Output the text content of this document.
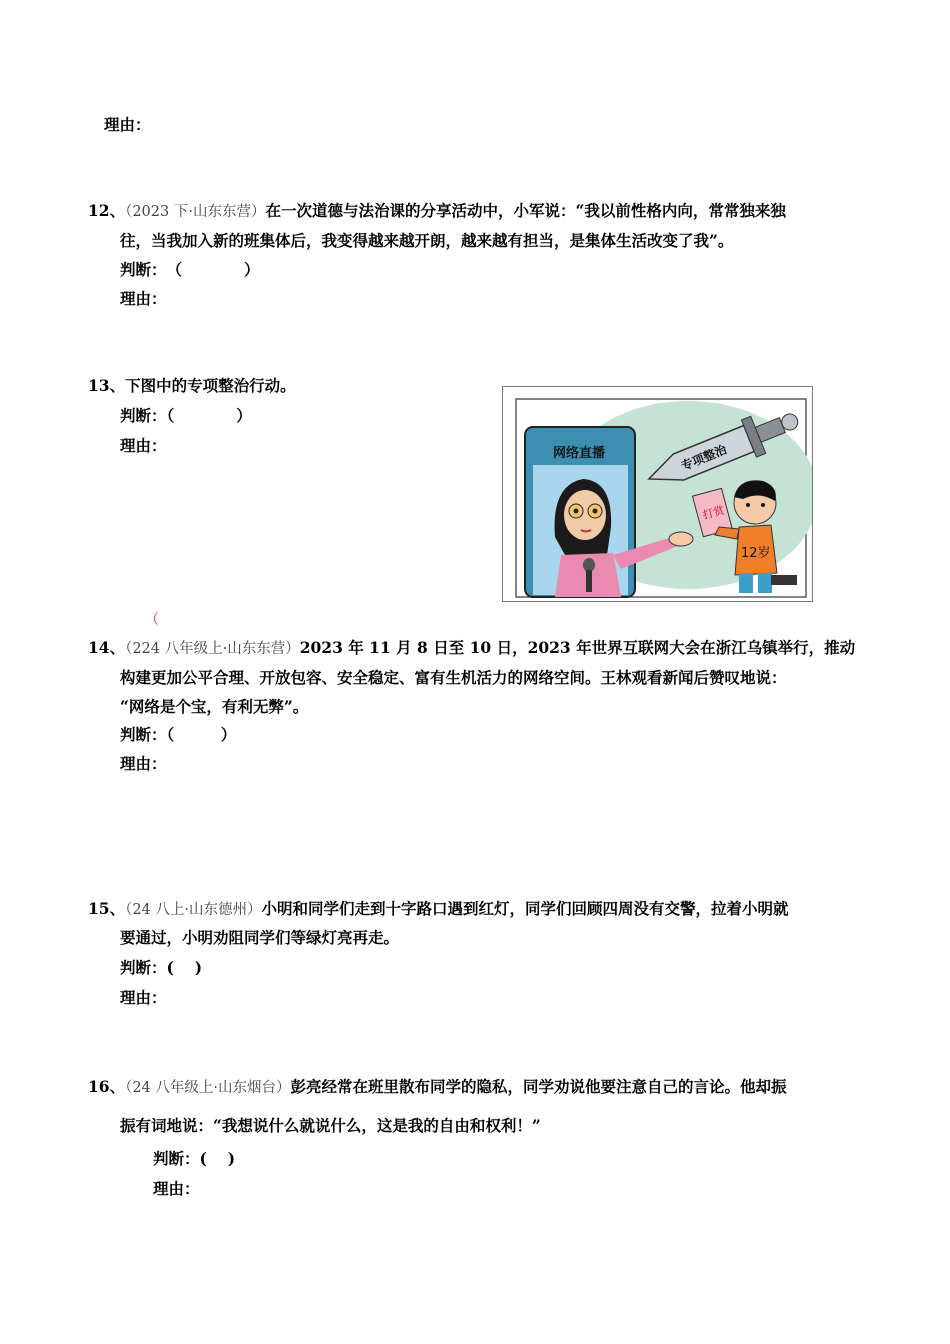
理由：
12、（2023 下·山东东营）在一次道德与法治课的分享活动中，小军说：“我以前性格内向，常常独来独
往，当我加入新的班集体后，我变得越来越开朗，越来越有担当，是集体生活改变了我”。
判断：　（　　　　）
理由：
13、下图中的专项整治行动。
判断：（　　　　）
理由：	网络直播	专项整治
打赏
12岁
（
14、（224 八年级上·山东东营）2023 年 11 月 8 日至 10 日，2023 年世界互联网大会在浙江乌镇举行，推动
构建更加公平合理、开放包容、安全稳定、富有生机活力的网络空间。王林观看新闻后赞叹地说：
“网络是个宝，有利无弊”。
判断：（　　　）
理由：
15、（24 八上·山东德州）小明和同学们走到十字路口遇到红灯，同学们回顾四周没有交警，拉着小明就
要通过，小明劝阻同学们等绿灯亮再走。
判断：(　 )
理由：
16、（24 八年级上·山东烟台）彭亮经常在班里散布同学的隐私，同学劝说他要注意自己的言论。他却振
振有词地说：“我想说什么就说什么，这是我的自由和权利！”
判断：(　 )
理由：
